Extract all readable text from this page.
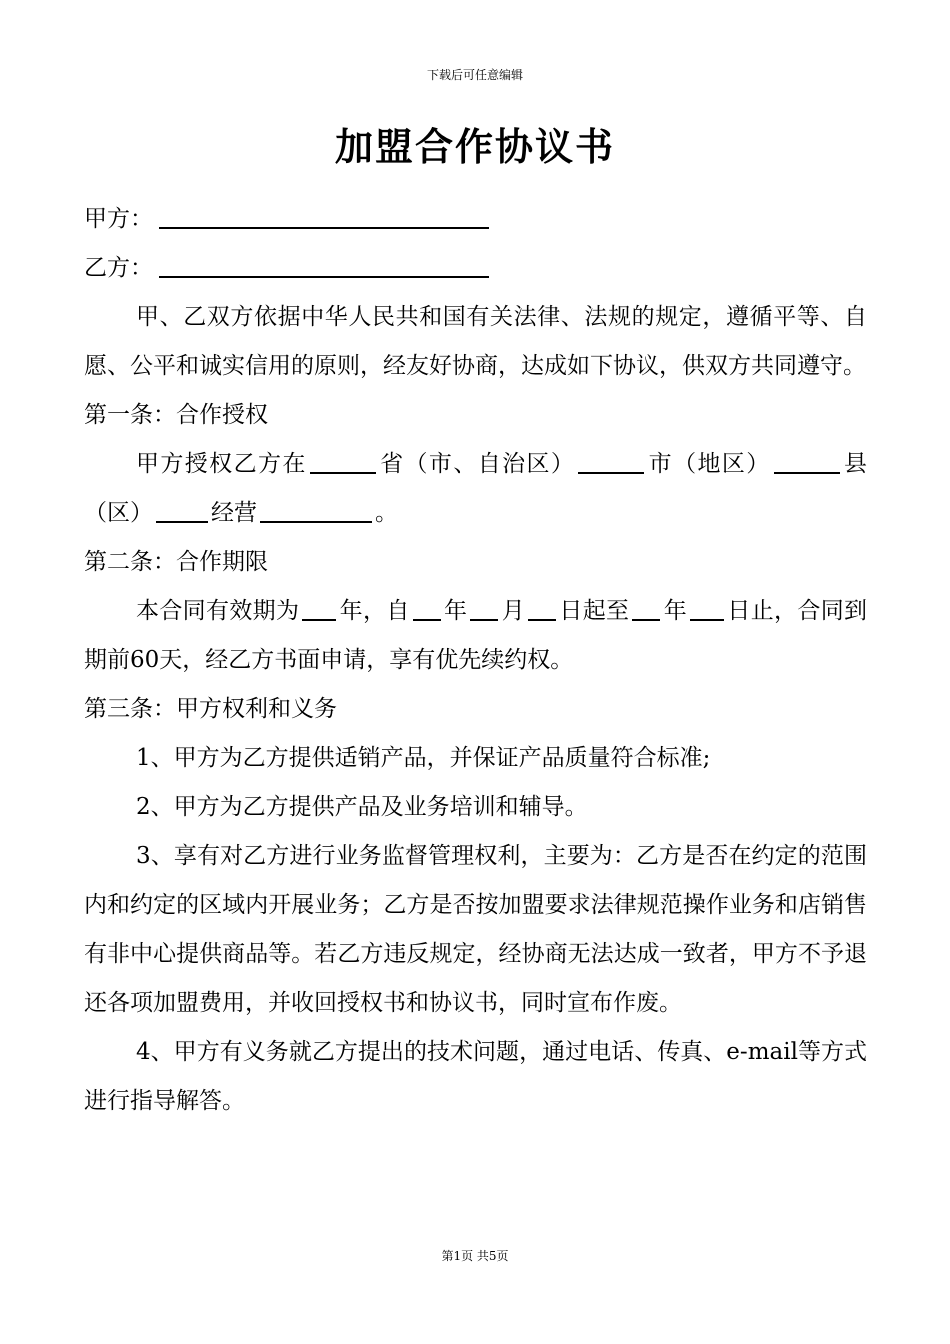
下载后可任意编辑
加盟合作协议书
甲方：
乙方：
甲、乙双方依据中华人民共和国有关法律、法规的规定，遵循平等、自愿、公平和诚实信用的原则，经友好协商，达成如下协议，供双方共同遵守。
第一条：合作授权
甲方授权乙方在	省（市、自治区）	市（地区）	县（区）	经营	。
第二条：合作期限
本合同有效期为 年，自 年 月 日起至 年 日止，合同到期前60天，经乙方书面申请，享有优先续约权。
第三条：甲方权利和义务
1、甲方为乙方提供适销产品，并保证产品质量符合标准;
2、甲方为乙方提供产品及业务培训和辅导。
3、享有对乙方进行业务监督管理权利，主要为：乙方是否在约定的范围内和约定的区域内开展业务；乙方是否按加盟要求法律规范操作业务和店销售有非中心提供商品等。若乙方违反规定，经协商无法达成一致者，甲方不予退还各项加盟费用，并收回授权书和协议书，同时宣布作废。
4、甲方有义务就乙方提出的技术问题，通过电话、传真、e-mail等方式进行指导解答。
第1页 共5页
